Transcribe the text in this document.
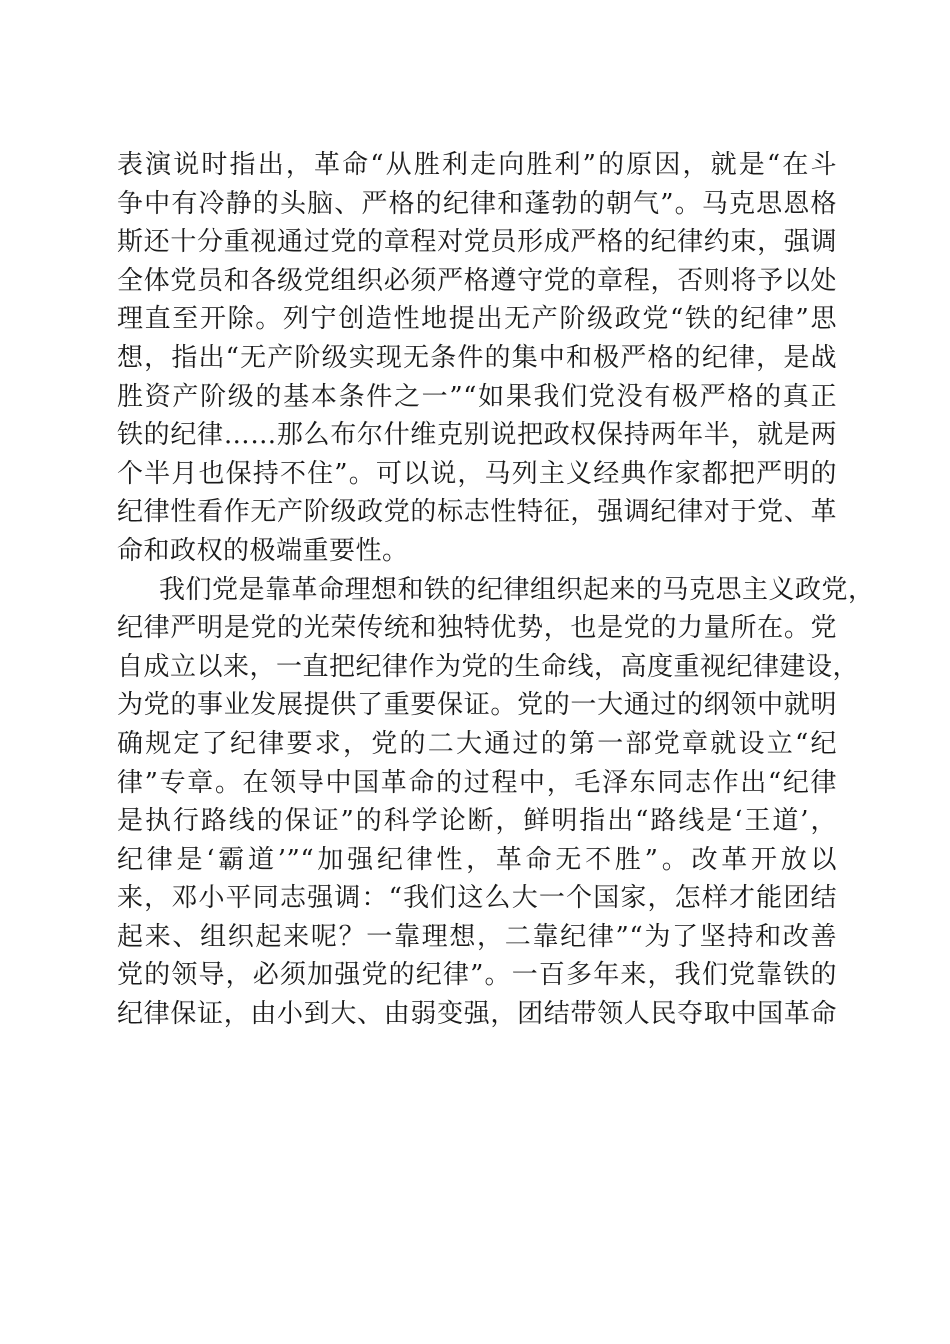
表演说时指出，革命“从胜利走向胜利”的原因，就是“在斗
争中有冷静的头脑、严格的纪律和蓬勃的朝气”。马克思恩格
斯还十分重视通过党的章程对党员形成严格的纪律约束，强调
全体党员和各级党组织必须严格遵守党的章程，否则将予以处
理直至开除。列宁创造性地提出无产阶级政党“铁的纪律”思
想，指出“无产阶级实现无条件的集中和极严格的纪律，是战
胜资产阶级的基本条件之一”“如果我们党没有极严格的真正
铁的纪律……那么布尔什维克别说把政权保持两年半，就是两
个半月也保持不住”。可以说，马列主义经典作家都把严明的
纪律性看作无产阶级政党的标志性特征，强调纪律对于党、革
命和政权的极端重要性。
我们党是靠革命理想和铁的纪律组织起来的马克思主义政党，
纪律严明是党的光荣传统和独特优势，也是党的力量所在。党
自成立以来，一直把纪律作为党的生命线，高度重视纪律建设，
为党的事业发展提供了重要保证。党的一大通过的纲领中就明
确规定了纪律要求，党的二大通过的第一部党章就设立“纪
律”专章。在领导中国革命的过程中，毛泽东同志作出“纪律
是执行路线的保证”的科学论断，鲜明指出“路线是‘王道’，
纪律是‘霸道’”“加强纪律性，革命无不胜”。改革开放以
来，邓小平同志强调：“我们这么大一个国家，怎样才能团结
起来、组织起来呢？一靠理想，二靠纪律”“为了坚持和改善
党的领导，必须加强党的纪律”。一百多年来，我们党靠铁的
纪律保证，由小到大、由弱变强，团结带领人民夺取中国革命
